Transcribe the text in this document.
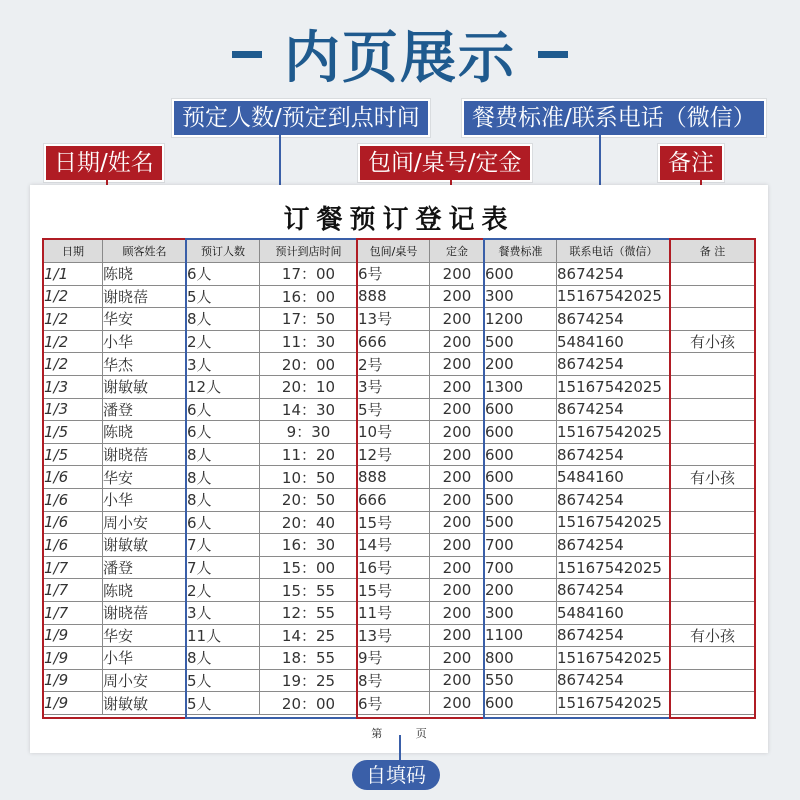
内页展示
预定人数/预定到点时间	餐费标准/联系电话（微信）
日期/姓名	包间/桌号/定金	备注
订餐预订登记表
日期	顾客姓名	预订人数	预计到店时间	包间/桌号	定金	餐费标准	联系电话（微信）	备 注
1/1	陈晓	6人	17：00	6号	200	600	8674254	
1/2	谢晓蓓	5人	16：00	888	200	300	15167542025	
1/2	华安	8人	17：50	13号	200	1200	8674254	
1/2	小华	2人	11：30	666	200	500	5484160	有小孩
1/2	华杰	3人	20：00	2号	200	200	8674254	
1/3	谢敏敏	12人	20：10	3号	200	1300	15167542025	
1/3	潘登	6人	14：30	5号	200	600	8674254	
1/5	陈晓	6人	9：30	10号	200	600	15167542025	
1/5	谢晓蓓	8人	11：20	12号	200	600	8674254	
1/6	华安	8人	10：50	888	200	600	5484160	有小孩
1/6	小华	8人	20：50	666	200	500	8674254	
1/6	周小安	6人	20：40	15号	200	500	15167542025	
1/6	谢敏敏	7人	16：30	14号	200	700	8674254	
1/7	潘登	7人	15：00	16号	200	700	15167542025	
1/7	陈晓	2人	15：55	15号	200	200	8674254	
1/7	谢晓蓓	3人	12：55	11号	200	300	5484160	
1/9	华安	11人	14：25	13号	200	1100	8674254	有小孩
1/9	小华	8人	18：55	9号	200	800	15167542025	
1/9	周小安	5人	19：25	8号	200	550	8674254	
1/9	谢敏敏	5人	20：00	6号	200	600	15167542025	
第	页
自填码
